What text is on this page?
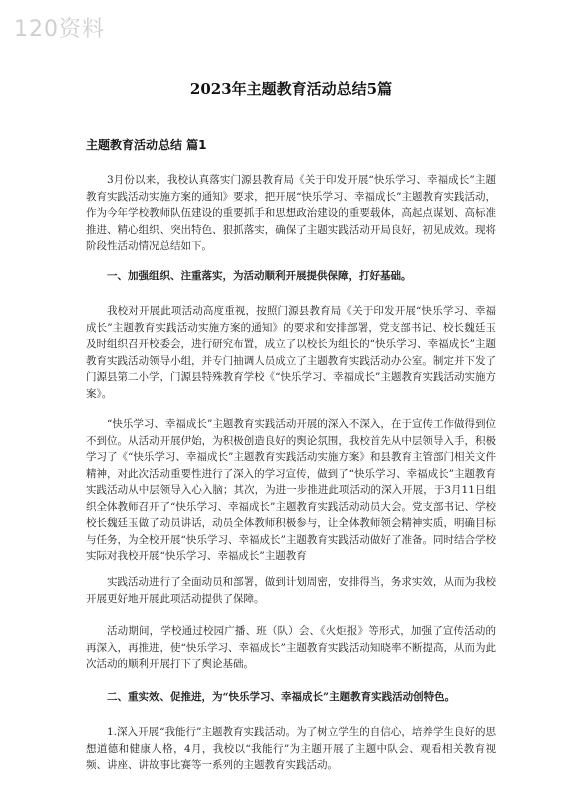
120资料
2023年主题教育活动总结5篇
主题教育活动总结 篇1

3月份以来，我校认真落实门源县教育局《关于印发开展“快乐学习、幸福成长”主题教育实践活动实施方案的通知》要求，把开展“快乐学习、幸福成长”主题教育实践活动，作为今年学校教师队伍建设的重要抓手和思想政治建设的重要载体，高起点谋划、高标准推进、精心组织、突出特色、狠抓落实，确保了主题实践活动开局良好，初见成效。现将阶段性活动情况总结如下。

一、加强组织、注重落实，为活动顺利开展提供保障，打好基础。

我校对开展此项活动高度重视，按照门源县教育局《关于印发开展“快乐学习、幸福成长”主题教育实践活动实施方案的通知》的要求和安排部署，党支部书记、校长魏廷玉及时组织召开校委会，进行研究布置，成立了以校长为组长的“快乐学习、幸福成长”主题教育实践活动领导小组，并专门抽调人员成立了主题教育实践活动办公室。制定并下发了门源县第二小学，门源县特殊教育学校《“快乐学习、幸福成长”主题教育实践活动实施方案》。

“快乐学习、幸福成长”主题教育实践活动开展的深入不深入，在于宣传工作做得到位不到位。从活动开展伊始，为积极创造良好的舆论氛围，我校首先从中层领导入手，积极学习了《“快乐学习、幸福成长”主题教育实践活动实施方案》和县教育主管部门相关文件精神，对此次活动重要性进行了深入的学习宣传，做到了“快乐学习、幸福成长”主题教育实践活动从中层领导入心入脑；其次，为进一步推进此项活动的深入开展，于3月11日组织全体教师召开了“快乐学习、幸福成长”主题教育实践活动动员大会。党支部书记、学校校长魏廷玉做了动员讲话，动员全体教师积极参与，让全体教师领会精神实质，明确目标与任务，为全校开展“快乐学习、幸福成长”主题教育实践活动做好了准备。同时结合学校实际对我校开展“快乐学习、幸福成长”主题教育

实践活动进行了全面动员和部署，做到计划周密，安排得当，务求实效，从而为我校开展更好地开展此项活动提供了保障。

活动期间，学校通过校园广播、班（队）会、《火炬报》等形式，加强了宣传活动的再深入，再推进，使“快乐学习、幸福成长”主题教育实践活动知晓率不断提高，从而为此次活动的顺利开展打下了舆论基础。

二、重实效、促推进，为“快乐学习、幸福成长”主题教育实践活动创特色。

1.深入开展“我能行”主题教育实践活动。为了树立学生的自信心，培养学生良好的思想道德和健康人格，4月，我校以“我能行”为主题开展了主题中队会、观看相关教育视频、讲座、讲故事比赛等一系列的主题教育实践活动。
